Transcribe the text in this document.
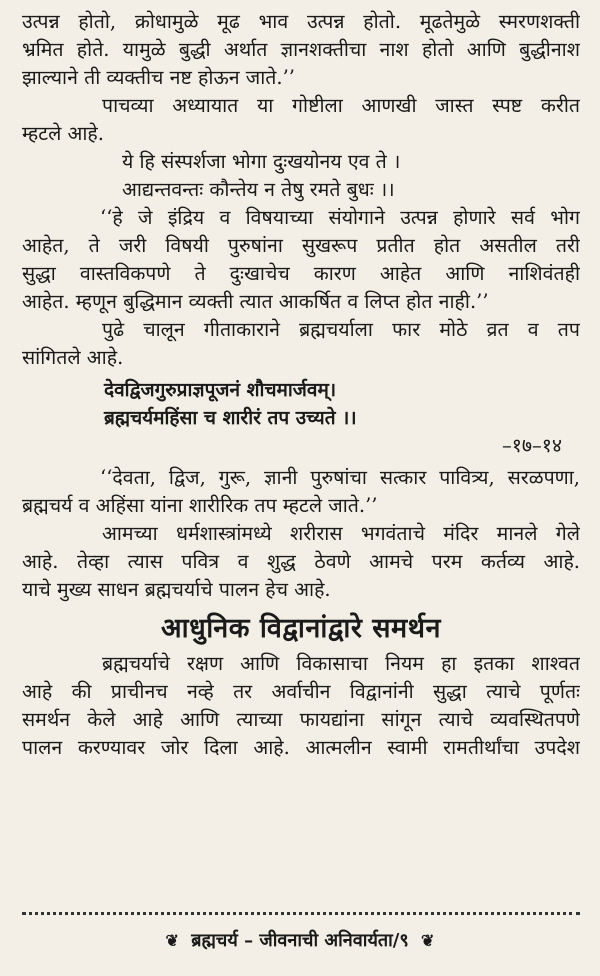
उत्पन्न होतो, क्रोधामुळे मूढ भाव उत्पन्न होतो. मूढतेमुळे स्मरणशक्ती
भ्रमित होते. यामुळे बुद्धी अर्थात ज्ञानशक्तीचा नाश होतो आणि बुद्धीनाश
झाल्याने ती व्यक्तीच नष्ट होऊन जाते.’’
पाचव्या अध्यायात या गोष्टीला आणखी जास्त स्पष्ट करीत
म्हटले आहे.
ये हि संस्पर्शजा भोगा दुःखयोनय एव ते ।
आद्यन्तवन्तः कौन्तेय न तेषु रमते बुधः ।।
‘‘हे जे इंद्रिय व विषयाच्या संयोगाने उत्पन्न होणारे सर्व भोग
आहेत, ते जरी विषयी पुरुषांना सुखरूप प्रतीत होत असतील तरी
सुद्धा वास्तविकपणे ते दुःखाचेच कारण आहेत आणि नाशिवंतही
आहेत. म्हणून बुद्धिमान व्यक्ती त्यात आकर्षित व लिप्त होत नाही.’’
पुढे चालून गीताकाराने ब्रह्मचर्याला फार मोठे व्रत व तप
सांगितले आहे.
देवद्विजगुरुप्राज्ञपूजनं शौचमार्जवम्।
ब्रह्मचर्यमहिंसा च शारीरं तप उच्यते ।।
–१७–१४
‘‘देवता, द्विज, गुरू, ज्ञानी पुरुषांचा सत्कार पावित्र्य, सरळपणा,
ब्रह्मचर्य व अहिंसा यांना शारीरिक तप म्हटले जाते.’’
आमच्या धर्मशास्त्रांमध्ये शरीरास भगवंताचे मंदिर मानले गेले
आहे. तेव्हा त्यास पवित्र व शुद्ध ठेवणे आमचे परम कर्तव्य आहे.
याचे मुख्य साधन ब्रह्मचर्याचे पालन हेच आहे.
आधुनिक विद्वानांद्वारे समर्थन
ब्रह्मचर्याचे रक्षण आणि विकासाचा नियम हा इतका शाश्वत
आहे की प्राचीनच नव्हे तर अर्वाचीन विद्वानांनी सुद्धा त्याचे पूर्णतः
समर्थन केले आहे आणि त्याच्या फायद्यांना सांगून त्याचे व्यवस्थितपणे
पालन करण्यावर जोर दिला आहे. आत्मलीन स्वामी रामतीर्थांचा उपदेश
❦ ब्रह्मचर्य – जीवनाची अनिवार्यता/९ ❦
